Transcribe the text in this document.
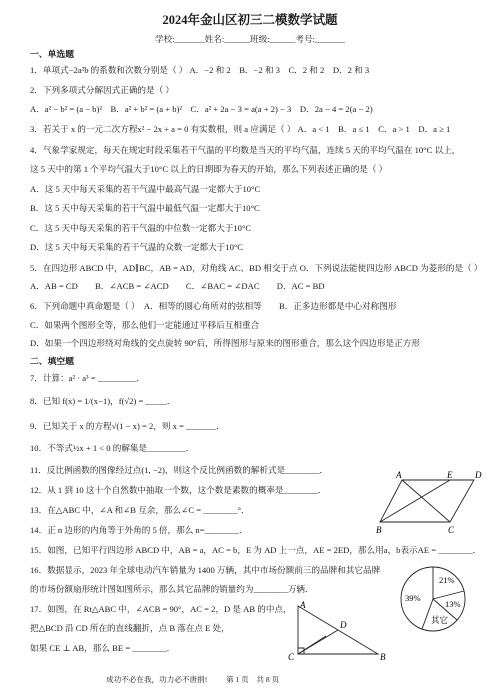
2024年金山区初三二模数学试题
学校:_______姓名:______班级:______考号:_______
一、单选题
1．单项式−2a²b 的系数和次数分别是（ ） A．−2 和 2　B．−2 和 3　C．2 和 2　D．2 和 3
2．下列多项式分解因式正确的是（ ）
A．a² − b² = (a − b)²　B．a² + b² = (a + b)²　C．a² + 2a − 3 = a(a + 2) − 3　D．2a − 4 = 2(a − 2)
3．若关于 x 的一元二次方程x² − 2x + a = 0 有实数根，则 a 应满足（ ） A．a < 1　B．a ≤ 1　C．a > 1　D．a ≥ 1
4．气象学家规定，每天在规定时段采集若干气温的平均数是当天的平均气温，连续 5 天的平均气温在 10°C 以上，
这 5 天中的第 1 个平均气温大于10°C 以上的日期即为春天的开始，那么下列表述正确的是（ ）
A．这 5 天中每天采集的若干气温中最高气温一定都大于10°C
B．这 5 天中每天采集的若干气温中最低气温一定都大于10°C
C．这 5 天中每天采集的若干气温的中位数一定都大于10°C
D．这 5 天中每天采集的若干气温的众数一定都大于10°C
5．在四边形 ABCD 中，AD∥BC，AB = AD，对角线 AC、BD 相交于点 O．下列说法能使四边形 ABCD 为菱形的是（ ）
A．AB = CD　　B．∠ACB = ∠ACD　　C．∠BAC = ∠DAC　　D．AC = BD
6．下列命题中真命题是（ ）　A．相等的圆心角所对的弦相等　　B．正多边形都是中心对称图形
C．如果两个图形全等，那么他们一定能通过平移后互相重合
D．如果一个四边形绕对角线的交点旋转 90°后，所得图形与原来的图形重合，那么这个四边形是正方形
二、填空题
7．计算：a² · a³ = _________．
8．已知 f(x) = 1/(x−1)，f(√2) = _____．
9．已知关于 x 的方程√(1 − x) = 2，则 x = _______．
10．不等式½x + 1 < 0 的解集是_________．
11．反比例函数的图像经过点(1, −2)，则这个反比例函数的解析式是________．
12．从 1 到 10 这十个自然数中抽取一个数，这个数是素数的概率是________．
13．在△ABC 中，∠A 和∠B 互余，那么∠C = ________°．
14．正 n 边形的内角等于外角的 5 倍，那么 n=________．
15．如图，已知平行四边形 ABCD 中，AB = a，AC = b，E 为 AD 上一点，AE = 2ED，那么用a，b表示AE = ________．
16．数据显示，2023 年全球电动汽车销量为 1400 万辆，其中市场份额前三的品牌和其它品牌
的市场份额扇形统计图如图所示，那么其它品牌的销量约为________万辆．
17．如图，在 Rt△ABC 中，∠ACB = 90°，AC = 2，D 是 AB 的中点，
把△BCD 沿 CD 所在的直线翻折，点 B 落在点 E 处，
如果 CE ⊥ AB，那么 BE = ________．
A	E	D
B	C
21%
39%
13%
其它
A
D
C	B
成功不必在我，功力必不唐捐! 第 1 页　共 8 页
